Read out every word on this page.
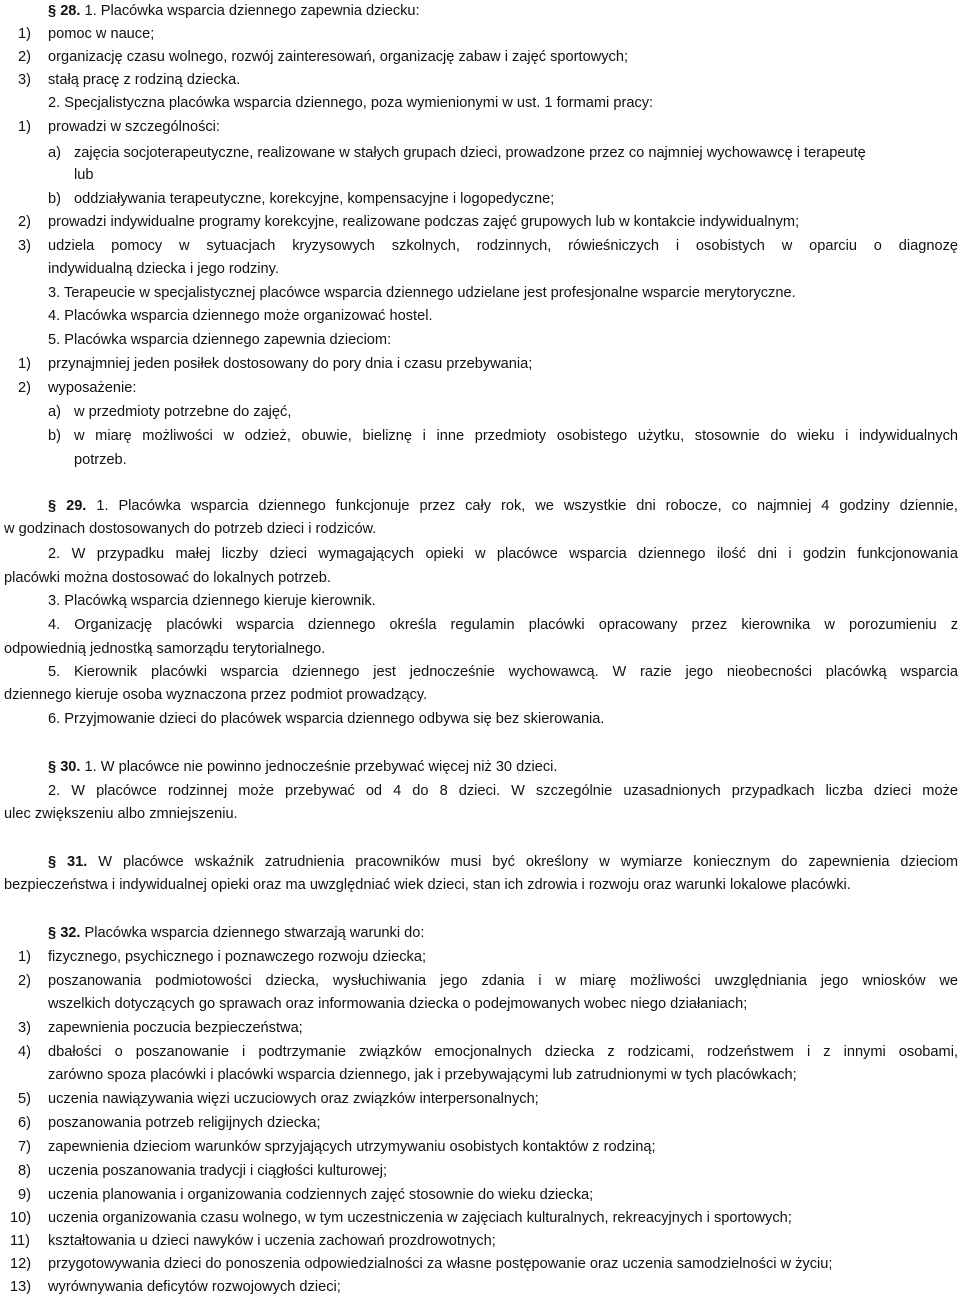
§ 28. 1. Placówka wsparcia dziennego zapewnia dziecku:
1) pomoc w nauce;
2) organizację czasu wolnego, rozwój zainteresowań, organizację zabaw i zajęć sportowych;
3) stałą pracę z rodziną dziecka.
2. Specjalistyczna placówka wsparcia dziennego, poza wymienionymi w ust. 1 formami pracy:
1) prowadzi w szczególności:
a) zajęcia socjoterapeutyczne, realizowane w stałych grupach dzieci, prowadzone przez co najmniej wychowawcę i terapeutę
lub
b) oddziaływania terapeutyczne, korekcyjne, kompensacyjne i logopedyczne;
2) prowadzi indywidualne programy korekcyjne, realizowane podczas zajęć grupowych lub w kontakcie indywidualnym;
3) udziela pomocy w sytuacjach kryzysowych szkolnych, rodzinnych, rówieśniczych i osobistych w oparciu o diagnozę
indywidualną dziecka i jego rodziny.
3. Terapeucie w specjalistycznej placówce wsparcia dziennego udzielane jest profesjonalne wsparcie merytoryczne.
4. Placówka wsparcia dziennego może organizować hostel.
5. Placówka wsparcia dziennego zapewnia dzieciom:
1) przynajmniej jeden posiłek dostosowany do pory dnia i czasu przebywania;
2) wyposażenie:
a) w przedmioty potrzebne do zajęć,
b) w miarę możliwości w odzież, obuwie, bieliznę i inne przedmioty osobistego użytku, stosownie do wieku i indywidualnych
potrzeb.
§ 29. 1. Placówka wsparcia dziennego funkcjonuje przez cały rok, we wszystkie dni robocze, co najmniej 4 godziny dziennie,
w godzinach dostosowanych do potrzeb dzieci i rodziców.
2. W przypadku małej liczby dzieci wymagających opieki w placówce wsparcia dziennego ilość dni i godzin funkcjonowania
placówki można dostosować do lokalnych potrzeb.
3. Placówką wsparcia dziennego kieruje kierownik.
4. Organizację placówki wsparcia dziennego określa regulamin placówki opracowany przez kierownika w porozumieniu z
odpowiednią jednostką samorządu terytorialnego.
5. Kierownik placówki wsparcia dziennego jest jednocześnie wychowawcą. W razie jego nieobecności placówką wsparcia
dziennego kieruje osoba wyznaczona przez podmiot prowadzący.
6. Przyjmowanie dzieci do placówek wsparcia dziennego odbywa się bez skierowania.
§ 30. 1. W placówce nie powinno jednocześnie przebywać więcej niż 30 dzieci.
2. W placówce rodzinnej może przebywać od 4 do 8 dzieci. W szczególnie uzasadnionych przypadkach liczba dzieci może
ulec zwiększeniu albo zmniejszeniu.
§ 31. W placówce wskaźnik zatrudnienia pracowników musi być określony w wymiarze koniecznym do zapewnienia dzieciom
bezpieczeństwa i indywidualnej opieki oraz ma uwzględniać wiek dzieci, stan ich zdrowia i rozwoju oraz warunki lokalowe placówki.
§ 32. Placówka wsparcia dziennego stwarzają warunki do:
1) fizycznego, psychicznego i poznawczego rozwoju dziecka;
2) poszanowania podmiotowości dziecka, wysłuchiwania jego zdania i w miarę możliwości uwzględniania jego wniosków we
wszelkich dotyczących go sprawach oraz informowania dziecka o podejmowanych wobec niego działaniach;
3) zapewnienia poczucia bezpieczeństwa;
4) dbałości o poszanowanie i podtrzymanie związków emocjonalnych dziecka z rodzicami, rodzeństwem i z innymi osobami,
zarówno spoza placówki i placówki wsparcia dziennego, jak i przebywającymi lub zatrudnionymi w tych placówkach;
5) uczenia nawiązywania więzi uczuciowych oraz związków interpersonalnych;
6) poszanowania potrzeb religijnych dziecka;
7) zapewnienia dzieciom warunków sprzyjających utrzymywaniu osobistych kontaktów z rodziną;
8) uczenia poszanowania tradycji i ciągłości kulturowej;
9) uczenia planowania i organizowania codziennych zajęć stosownie do wieku dziecka;
10) uczenia organizowania czasu wolnego, w tym uczestniczenia w zajęciach kulturalnych, rekreacyjnych i sportowych;
11) kształtowania u dzieci nawyków i uczenia zachowań prozdrowotnych;
12) przygotowywania dzieci do ponoszenia odpowiedzialności za własne postępowanie oraz uczenia samodzielności w życiu;
13) wyrównywania deficytów rozwojowych dzieci;
